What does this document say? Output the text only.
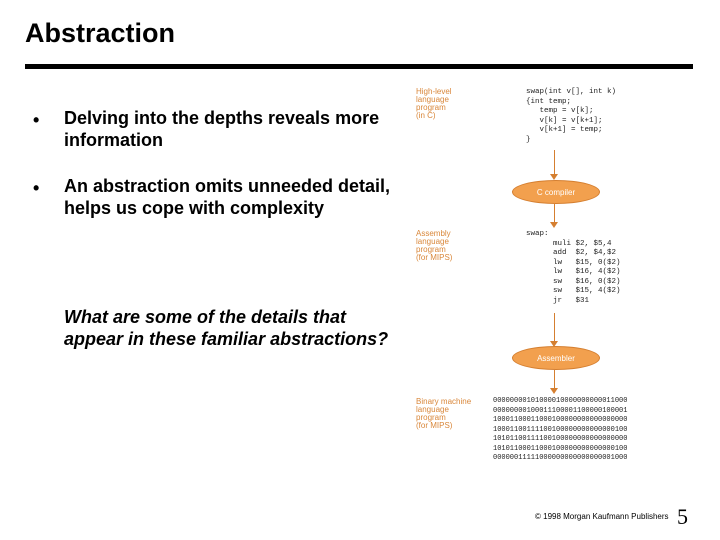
Abstraction
• Delving into the depths reveals more information
• An abstraction omits unneeded detail, helps us cope with complexity
What are some of the details that appear in these familiar abstractions?
High-level
language
program
(in C)
swap(int v[], int k)
{int temp;
temp = v[k];
v[k] = v[k+1];
v[k+1] = temp;
}
C compiler
Assembly
language
program
(for MIPS)
swap:
muli $2, $5,4
add  $2, $4,$2
lw   $15, 0($2)
lw   $16, 4($2)
sw   $16, 0($2)
sw   $15, 4($2)
jr   $31
Assembler
Binary machine
language
program
(for MIPS)
00000000101000010000000000011000
00000000100011100001100000100001
10001100011000100000000000000000
10001100111100100000000000000100
10101100111100100000000000000000
10101100011000100000000000000100
00000011111000000000000000001000
© 1998 Morgan Kaufmann Publishers 5
